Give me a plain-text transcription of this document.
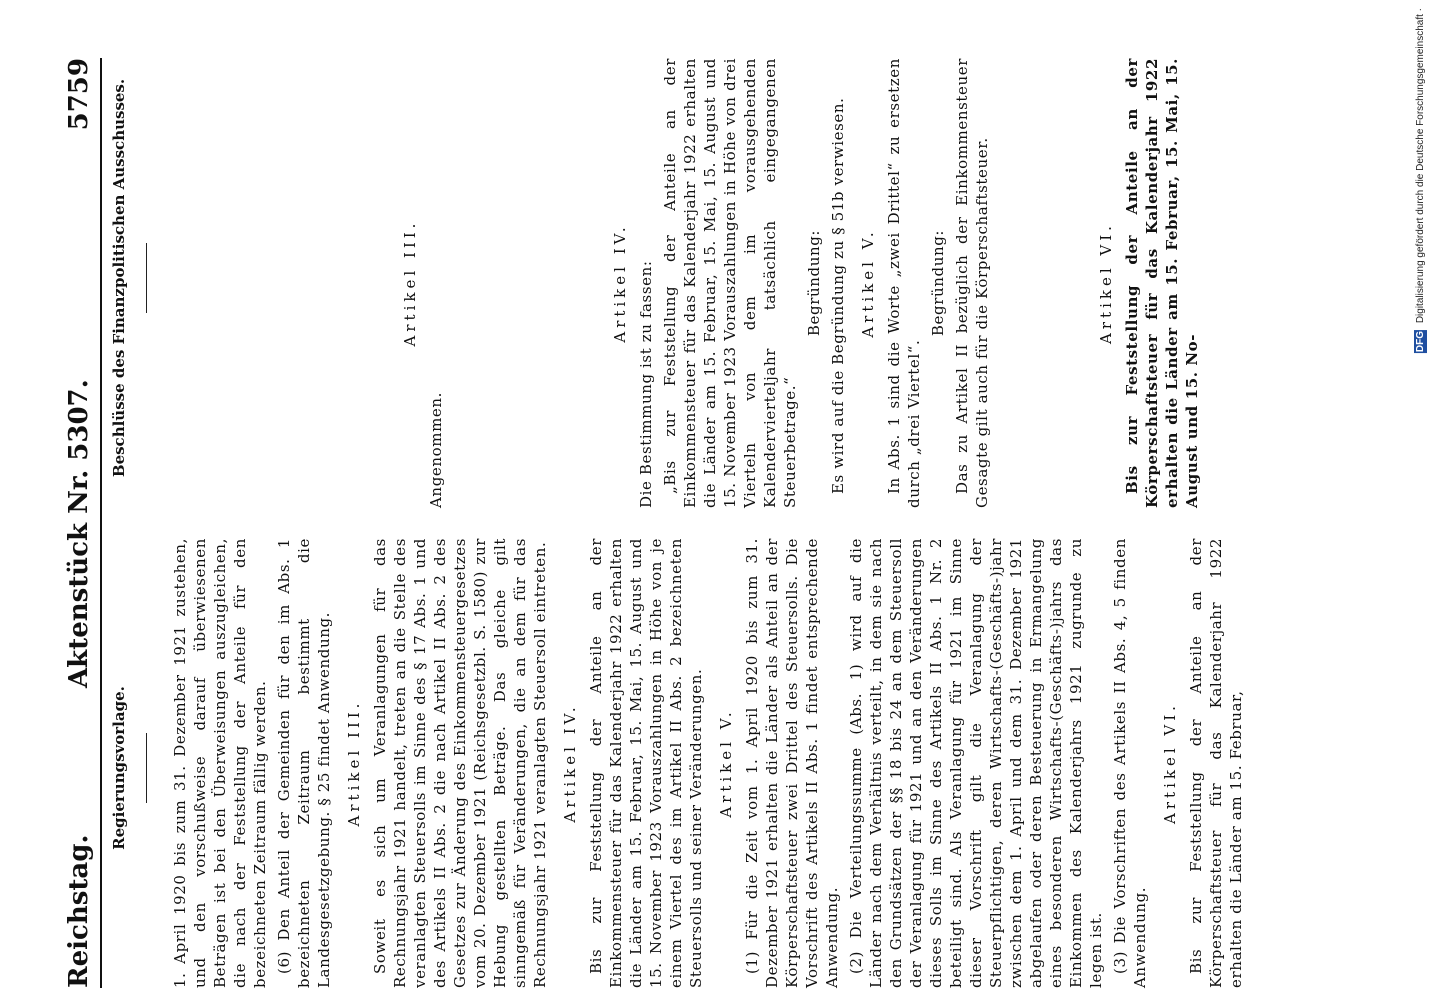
Reichstag.
Aktenstück Nr. 5307.
5759
Regierungsvorlage.
Beschlüsse des Finanzpolitischen Ausschusses.

1. April 1920 bis zum 31. Dezember 1921 zustehen, und den vorschußweise darauf überwiesenen Beträgen ist bei den Überweisungen auszugleichen, die nach der Feststellung der Anteile für den bezeichneten Zeitraum fällig werden. (6) Den Anteil der Gemeinden für den im Abs. 1 bezeichneten Zeitraum bestimmt die Landesgesetzgebung. § 25 findet Anwendung. Artikel III. Soweit es sich um Veranlagungen für das Rechnungsjahr 1921 handelt, treten an die Stelle des veranlagten Steuersolls im Sinne des § 17 Abs. 1 und des Artikels II Abs. 2 die nach Artikel II Abs. 2 des Gesetzes zur Änderung des Einkommensteuergesetzes vom 20. Dezember 1921 (Reichsgesetzbl. S. 1580) zur Hebung gestellten Beträge. Das gleiche gilt sinngemäß für Veränderungen, die an dem für das Rechnungsjahr 1921 veranlagten Steuersoll eintreten. Artikel IV. Bis zur Feststellung der Anteile an der Einkommensteuer für das Kalenderjahr 1922 erhalten die Länder am 15. Februar, 15. Mai, 15. August und 15. November 1923 Vorauszahlungen in Höhe von je einem Viertel des im Artikel II Abs. 2 bezeichneten Steuersolls und seiner Veränderungen. Artikel V. (1) Für die Zeit vom 1. April 1920 bis zum 31. Dezember 1921 erhalten die Länder als Anteil an der Körperschaftsteuer zwei Drittel des Steuersolls. Die Vorschrift des Artikels II Abs. 1 findet entsprechende Anwendung. (2) Die Verteilungssumme (Abs. 1) wird auf die Länder nach dem Verhältnis verteilt, in dem sie nach den Grundsätzen der §§ 18 bis 24 an dem Steuersoll der Veranlagung für 1921 und an den Veränderungen dieses Solls im Sinne des Artikels II Abs. 1 Nr. 2 beteiligt sind. Als Veranlagung für 1921 im Sinne dieser Vorschrift gilt die Veranlagung der Steuerpflichtigen, deren Wirtschafts-(Geschäfts-)jahr zwischen dem 1. April und dem 31. Dezember 1921 abgelaufen oder deren Besteuerung in Ermangelung eines besonderen Wirtschafts-(Geschäfts-)jahrs das Einkommen des Kalenderjahrs 1921 zugrunde zu legen ist. (3) Die Vorschriften des Artikels II Abs. 4, 5 finden Anwendung.

Artikel VI. Bis zur Feststellung der Anteile an der Körperschaftsteuer für das Kalenderjahr 1922 erhalten die Länder am 15. Februar,

Artikel III.

Angenommen.

Artikel IV. Die Bestimmung ist zu fassen: „Bis zur Feststellung der Anteile an der Einkommensteuer für das Kalenderjahr 1922 erhalten die Länder am 15. Februar, 15. Mai, 15. August und 15. November 1923 Vorauszahlungen in Höhe von drei Vierteln von dem im vorausgehenden Kalendervierteljahr tatsächlich eingegangenen Steuerbetrage.“

Begründung: Es wird auf die Begründung zu § 51b verwiesen. Artikel V. In Abs. 1 sind die Worte „zwei Drittel“ zu ersetzen durch „drei Viertel“.

Begründung: Das zu Artikel II bezüglich der Einkommensteuer Gesagte gilt auch für die Körperschaftsteuer.	Artikel VI. Bis zur Feststellung der Anteile an der Körperschaftsteuer für das Kalenderjahr 1922 erhalten die Länder am 15. Februar, 15. Mai, 15. August und 15. No-	DFG Digitalisierung gefördert durch die Deutsche Forschungsgemeinschaft ·
